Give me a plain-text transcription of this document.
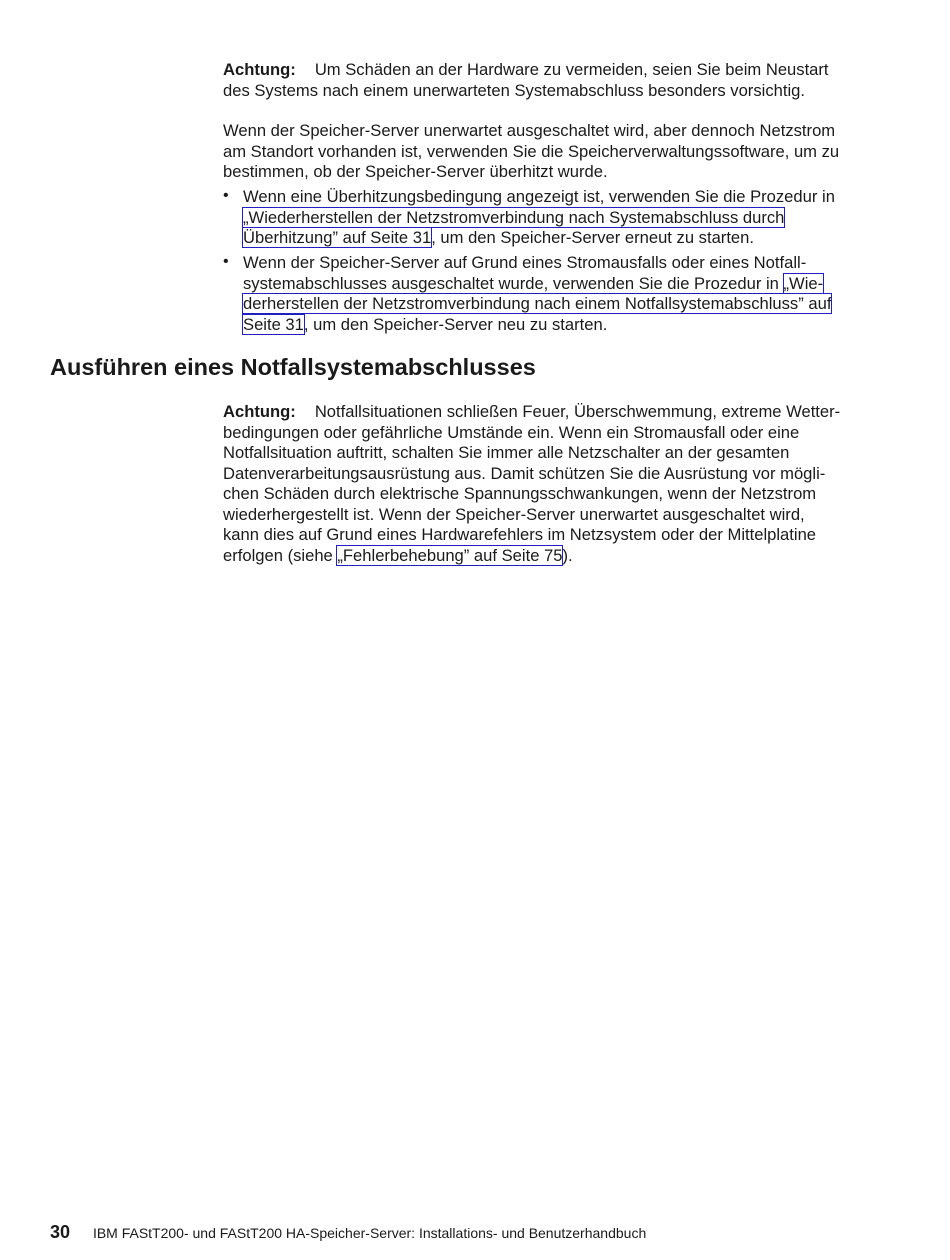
Achtung: Um Schäden an der Hardware zu vermeiden, seien Sie beim Neustart
des Systems nach einem unerwarteten Systemabschluss besonders vorsichtig.
Wenn der Speicher-Server unerwartet ausgeschaltet wird, aber dennoch Netzstrom
am Standort vorhanden ist, verwenden Sie die Speicherverwaltungssoftware, um zu
bestimmen, ob der Speicher-Server überhitzt wurde.
• Wenn eine Überhitzungsbedingung angezeigt ist, verwenden Sie die Prozedur in
„Wiederherstellen der Netzstromverbindung nach Systemabschluss durch
Überhitzung” auf Seite 31, um den Speicher-Server erneut zu starten.
• Wenn der Speicher-Server auf Grund eines Stromausfalls oder eines Notfall-
systemabschlusses ausgeschaltet wurde, verwenden Sie die Prozedur in „Wie-
derherstellen der Netzstromverbindung nach einem Notfallsystemabschluss” auf
Seite 31, um den Speicher-Server neu zu starten.
Ausführen eines Notfallsystemabschlusses
Achtung: Notfallsituationen schließen Feuer, Überschwemmung, extreme Wetter-
bedingungen oder gefährliche Umstände ein. Wenn ein Stromausfall oder eine
Notfallsituation auftritt, schalten Sie immer alle Netzschalter an der gesamten
Datenverarbeitungsausrüstung aus. Damit schützen Sie die Ausrüstung vor mögli-
chen Schäden durch elektrische Spannungsschwankungen, wenn der Netzstrom
wiederhergestellt ist. Wenn der Speicher-Server unerwartet ausgeschaltet wird,
kann dies auf Grund eines Hardwarefehlers im Netzsystem oder der Mittelplatine
erfolgen (siehe „Fehlerbehebung” auf Seite 75).
30 IBM FAStT200- und FAStT200 HA-Speicher-Server: Installations- und Benutzerhandbuch
